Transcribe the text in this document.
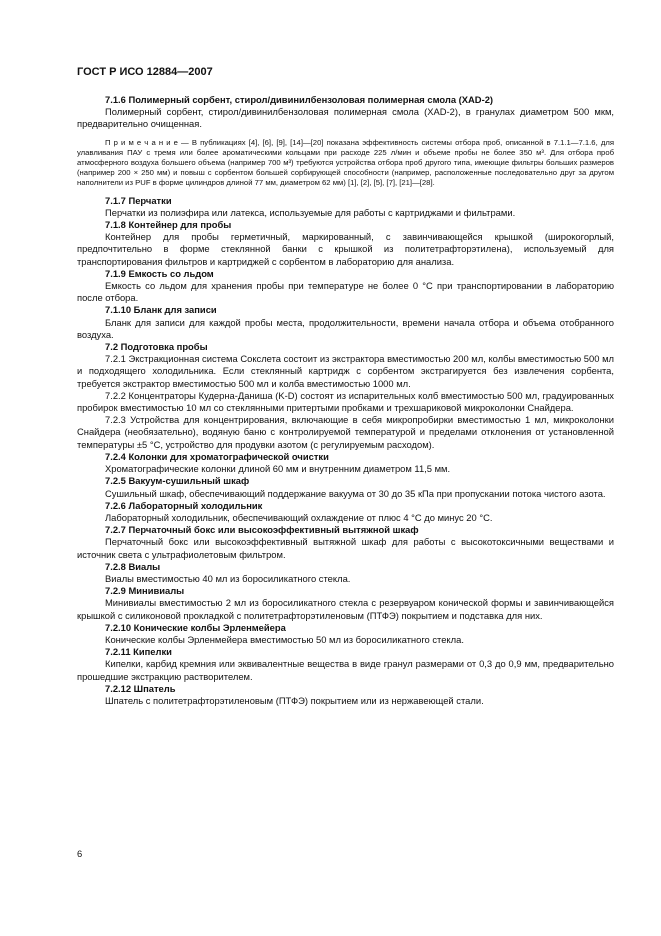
ГОСТ Р ИСО 12884—2007

7.1.6 Полимерный сорбент, стирол/дивинилбензоловая полимерная смола (XAD-2)

Полимерный сорбент, стирол/дивинилбензоловая полимерная смола (XAD-2), в гранулах диаметром 500 мкм, предварительно очищенная.

П р и м е ч а н и е — В публикациях [4], [6], [9], [14]—[20] показана эффективность системы отбора проб, описанной в 7.1.1—7.1.6, для улавливания ПАУ с тремя или более ароматическими кольцами при расходе 225 л/мин и объеме пробы не более 350 м³. Для отбора проб атмосферного воздуха большего объема (например 700 м³) требуются устройства отбора проб другого типа, имеющие фильтры больших размеров (например 200 × 250 мм) и повыш с сорбентом большей сорбирующей способности (например, расположенные последовательно друг за другом наполнители из PUF в форме цилиндров длиной 77 мм, диаметром 62 мм) [1], [2], [5], [7], [21]—[28].

7.1.7 Перчатки

Перчатки из полиэфира или латекса, используемые для работы с картриджами и фильтрами.

7.1.8 Контейнер для пробы

Контейнер для пробы герметичный, маркированный, с завинчивающейся крышкой (широкогорлый, предпочтительно в форме стеклянной банки с крышкой из политетрафторэтилена), используемый для транспортирования фильтров и картриджей с сорбентом в лабораторию для анализа.

7.1.9 Емкость со льдом

Емкость со льдом для хранения пробы при температуре не более 0 °С при транспортировании в лабораторию после отбора.

7.1.10 Бланк для записи

Бланк для записи для каждой пробы места, продолжительности, времени начала отбора и объема отобранного воздуха.

7.2 Подготовка пробы

7.2.1 Экстракционная система Сокслета состоит из экстрактора вместимостью 200 мл, колбы вместимостью 500 мл и подходящего холодильника. Если стеклянный картридж с сорбентом экстрагируется без извлечения сорбента, требуется экстрактор вместимостью 500 мл и колба вместимостью 1000 мл.

7.2.2 Концентраторы Кудерна-Даниша (K-D) состоят из испарительных колб вместимостью 500 мл, градуированных пробирок вместимостью 10 мл со стеклянными притертыми пробками и трехшариковой микроколонки Снайдера.

7.2.3 Устройства для концентрирования, включающие в себя микропробирки вместимостью 1 мл, микроколонки Снайдера (необязательно), водяную баню с контролируемой температурой и пределами отклонения от установленной температуры ±5 °С, устройство для продувки азотом (с регулируемым расходом).

7.2.4 Колонки для хроматографической очистки

Хроматографические колонки длиной 60 мм и внутренним диаметром 11,5 мм.

7.2.5 Вакуум-сушильный шкаф

Сушильный шкаф, обеспечивающий поддержание вакуума от 30 до 35 кПа при пропускании потока чистого азота.

7.2.6 Лабораторный холодильник

Лабораторный холодильник, обеспечивающий охлаждение от плюс 4 °С до минус 20 °С.

7.2.7 Перчаточный бокс или высокоэффективный вытяжной шкаф

Перчаточный бокс или высокоэффективный вытяжной шкаф для работы с высокотоксичными веществами и источник света с ультрафиолетовым фильтром.

7.2.8 Виалы

Виалы вместимостью 40 мл из боросиликатного стекла.

7.2.9 Минивиалы

Минивиалы вместимостью 2 мл из боросиликатного стекла с резервуаром конической формы и завинчивающейся крышкой с силиконовой прокладкой с политетрафторэтиленовым (ПТФЭ) покрытием и подставка для них.

7.2.10 Конические колбы Эрленмейера

Конические колбы Эрленмейера вместимостью 50 мл из боросиликатного стекла.

7.2.11 Кипелки

Кипелки, карбид кремния или эквивалентные вещества в виде гранул размерами от 0,3 до 0,9 мм, предварительно прошедшие экстракцию растворителем.

7.2.12 Шпатель

Шпатель с политетрафторэтиленовым (ПТФЭ) покрытием или из нержавеющей стали.

6
